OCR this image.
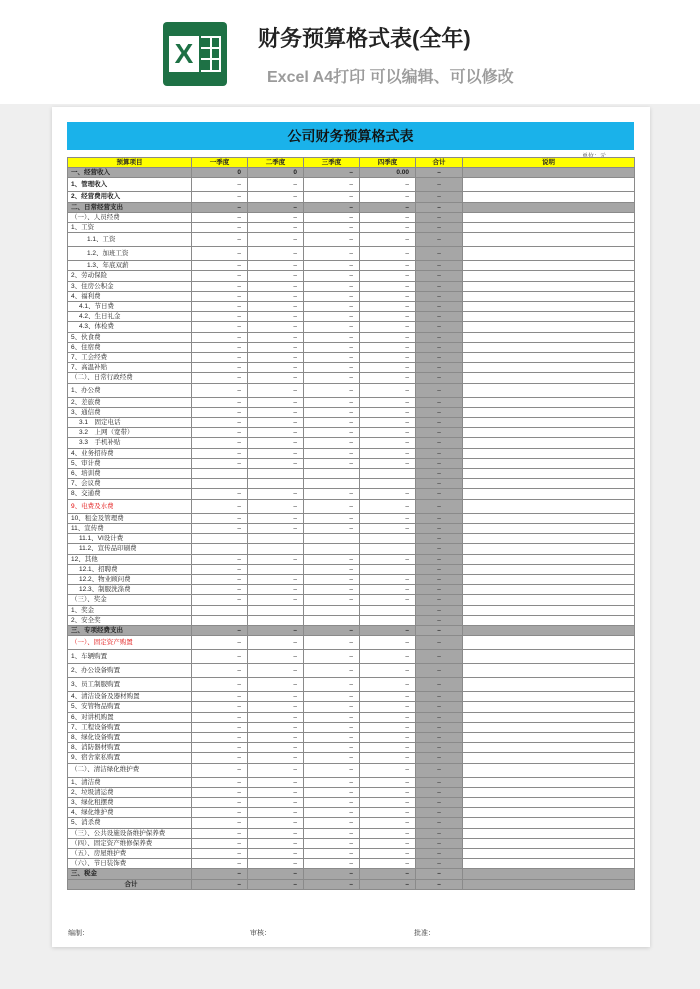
X	财务预算格式表(全年)
Excel A4打印 可以编辑、可以修改
公司财务预算格式表
预算项目	一季度	二季度	三季度	四季度	合计	说明
一、经营收入	0	0	–	0.00	–	
1、管理收入	–	–	–	–	–	
2、经营费用收入	–	–	–	–	–	
二、日常经营支出	–	–	–	–	–	
（一）、人员经费	–	–	–	–	–	
1、工资	–	–	–	–	–	
1.1、工资	–	–	–	–	–	
1.2、加班工资	–	–	–	–	–	
1.3、年底双薪	–	–	–	–	–	
2、劳动保险	–	–	–	–	–	
3、住房公积金	–	–	–	–	–	
4、福利费	–	–	–	–	–	
4.1、节日费	–	–	–	–	–	
4.2、生日礼金	–	–	–	–	–	
4.3、体检费	–	–	–	–	–	
5、伙食费	–	–	–	–	–	
6、住宿费	–	–	–	–	–	
7、工会经费	–	–	–	–	–	
7、高温补贴	–	–	–	–	–	
（二）、日常行政经费	–	–	–	–	–	
1、办公费	–	–	–	–	–	
2、差旅费	–	–	–	–	–	
3、通信费	–	–	–	–	–	
3.1　固定电话	–	–	–	–	–	
3.2　上网（宽带）	–	–	–	–	–	
3.3　手机补贴	–	–	–	–	–	
4、业务招待费	–	–	–	–	–	
5、审计费	–	–	–	–	–	
6、培训费					–	
7、会议费					–	
8、交通费	–	–	–	–	–	
9、电费及水费	–	–	–	–	–	
10、租金及管理费	–	–	–	–	–	
11、宣传费	–	–	–	–	–	
11.1、VI设计费					–	
11.2、宣传品印刷费					–	
12、其他	–	–	–	–	–	
12.1、招聘费	–		–		–	
12.2、物业顾问费	–	–	–	–	–	
12.3、制服洗涤费	–	–	–	–	–	
（三）、奖金	–	–	–	–	–	
1、奖金					–	
2、安全奖					–	
三、专项经费支出	–	–	–	–	–	
（一）、固定资产购置	–	–	–	–	–	
1、车辆购置	–	–	–	–	–	
2、办公设备购置	–	–	–	–	–	
3、员工制服购置	–	–	–	–	–	
4、清洁设备及器材购置	–	–	–	–	–	
5、安管物品购置	–	–	–	–	–	
6、对讲机购置	–	–	–	–	–	
7、工程设备购置	–	–	–	–	–	
8、绿化设备购置	–	–	–	–	–	
8、消防器材购置	–	–	–	–	–	
9、宿舍家私购置	–	–	–	–	–	
（二）、清洁绿化维护费	–	–	–	–	–	
1、清洁费	–	–	–	–	–	
2、垃圾清运费	–	–	–	–	–	
3、绿化租摆费	–	–	–	–	–	
4、绿化维护费	–	–	–	–	–	
5、消杀费	–	–	–	–	–	
（三）、公共设施设备维护保养费	–	–	–	–	–	
（四）、固定资产维修保养费	–	–	–	–	–	
（五）、房屋维护费	–	–	–	–	–	
（六）、节日装饰费	–	–	–	–	–	
三、税金	–	–	–	–	–	
合计	–	–	–	–	–	
编制：	审核：	批准：
